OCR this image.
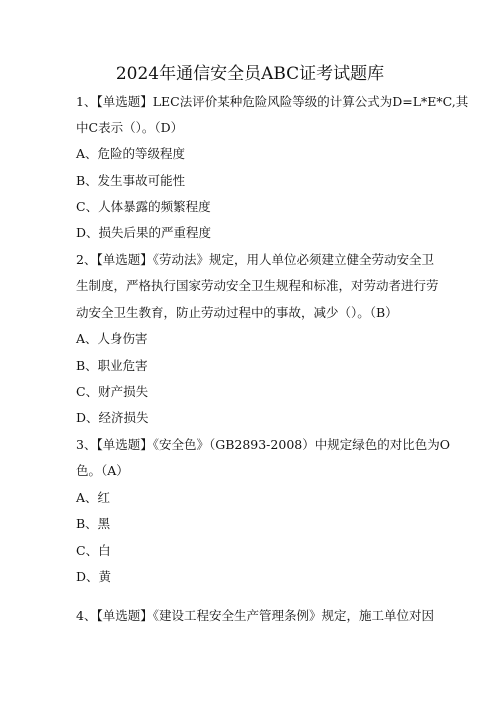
2024年通信安全员ABC证考试题库
1、【单选题】LEC法评价某种危险风险等级的计算公式为D=L*E*C,其
中C表示（）。（D）
A、危险的等级程度
B、发生事故可能性
C、人体暴露的频繁程度
D、损失后果的严重程度
2、【单选题】《劳动法》规定，用人单位必须建立健全劳动安全卫
生制度，严格执行国家劳动安全卫生规程和标准，对劳动者进行劳
动安全卫生教育，防止劳动过程中的事故，减少（）。（B）
A、人身伤害
B、职业危害
C、财产损失
D、经济损失
3、【单选题】《安全色》（GB2893-2008）中规定绿色的对比色为O
色。（A）
A、红
B、黑
C、白
D、黄
4、【单选题】《建设工程安全生产管理条例》规定，施工单位对因
